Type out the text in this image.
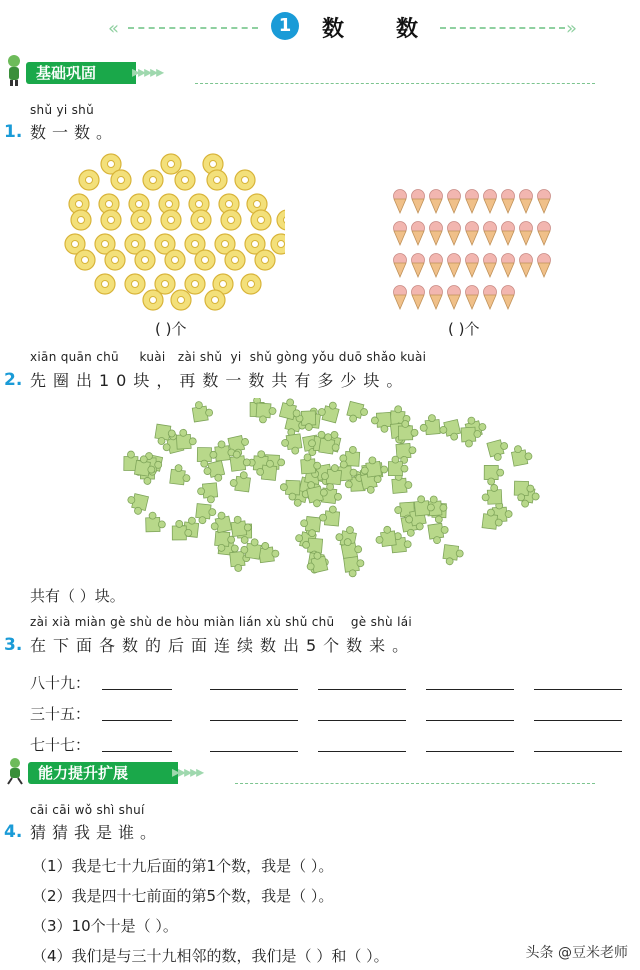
«	1	数数	»
基础巩固	▸▸▸▸▸
shǔ yi shǔ
1. 数一数。
( )个	( )个
xiān quān chū     kuài   zài shǔ  yi  shǔ gòng yǒu duō shǎo kuài
2. 先圈出10块，再数一数共有多少块。
共有（ ）块。
zài xià miàn gè shù de hòu miàn lián xù shǔ chū    gè shù lái
3. 在下面各数的后面连续数出5个数来。
八十九：
三十五：
七十七：
能力提升扩展	▸▸▸▸▸
cāi cāi wǒ shì shuí
4. 猜猜我是谁。
（1）我是七十九后面的第1个数，我是（ ）。
（2）我是四十七前面的第5个数，我是（ ）。
（3）10个十是（ ）。
（4）我们是与三十九相邻的数，我们是（ ）和（ ）。	头条 @豆米老师
